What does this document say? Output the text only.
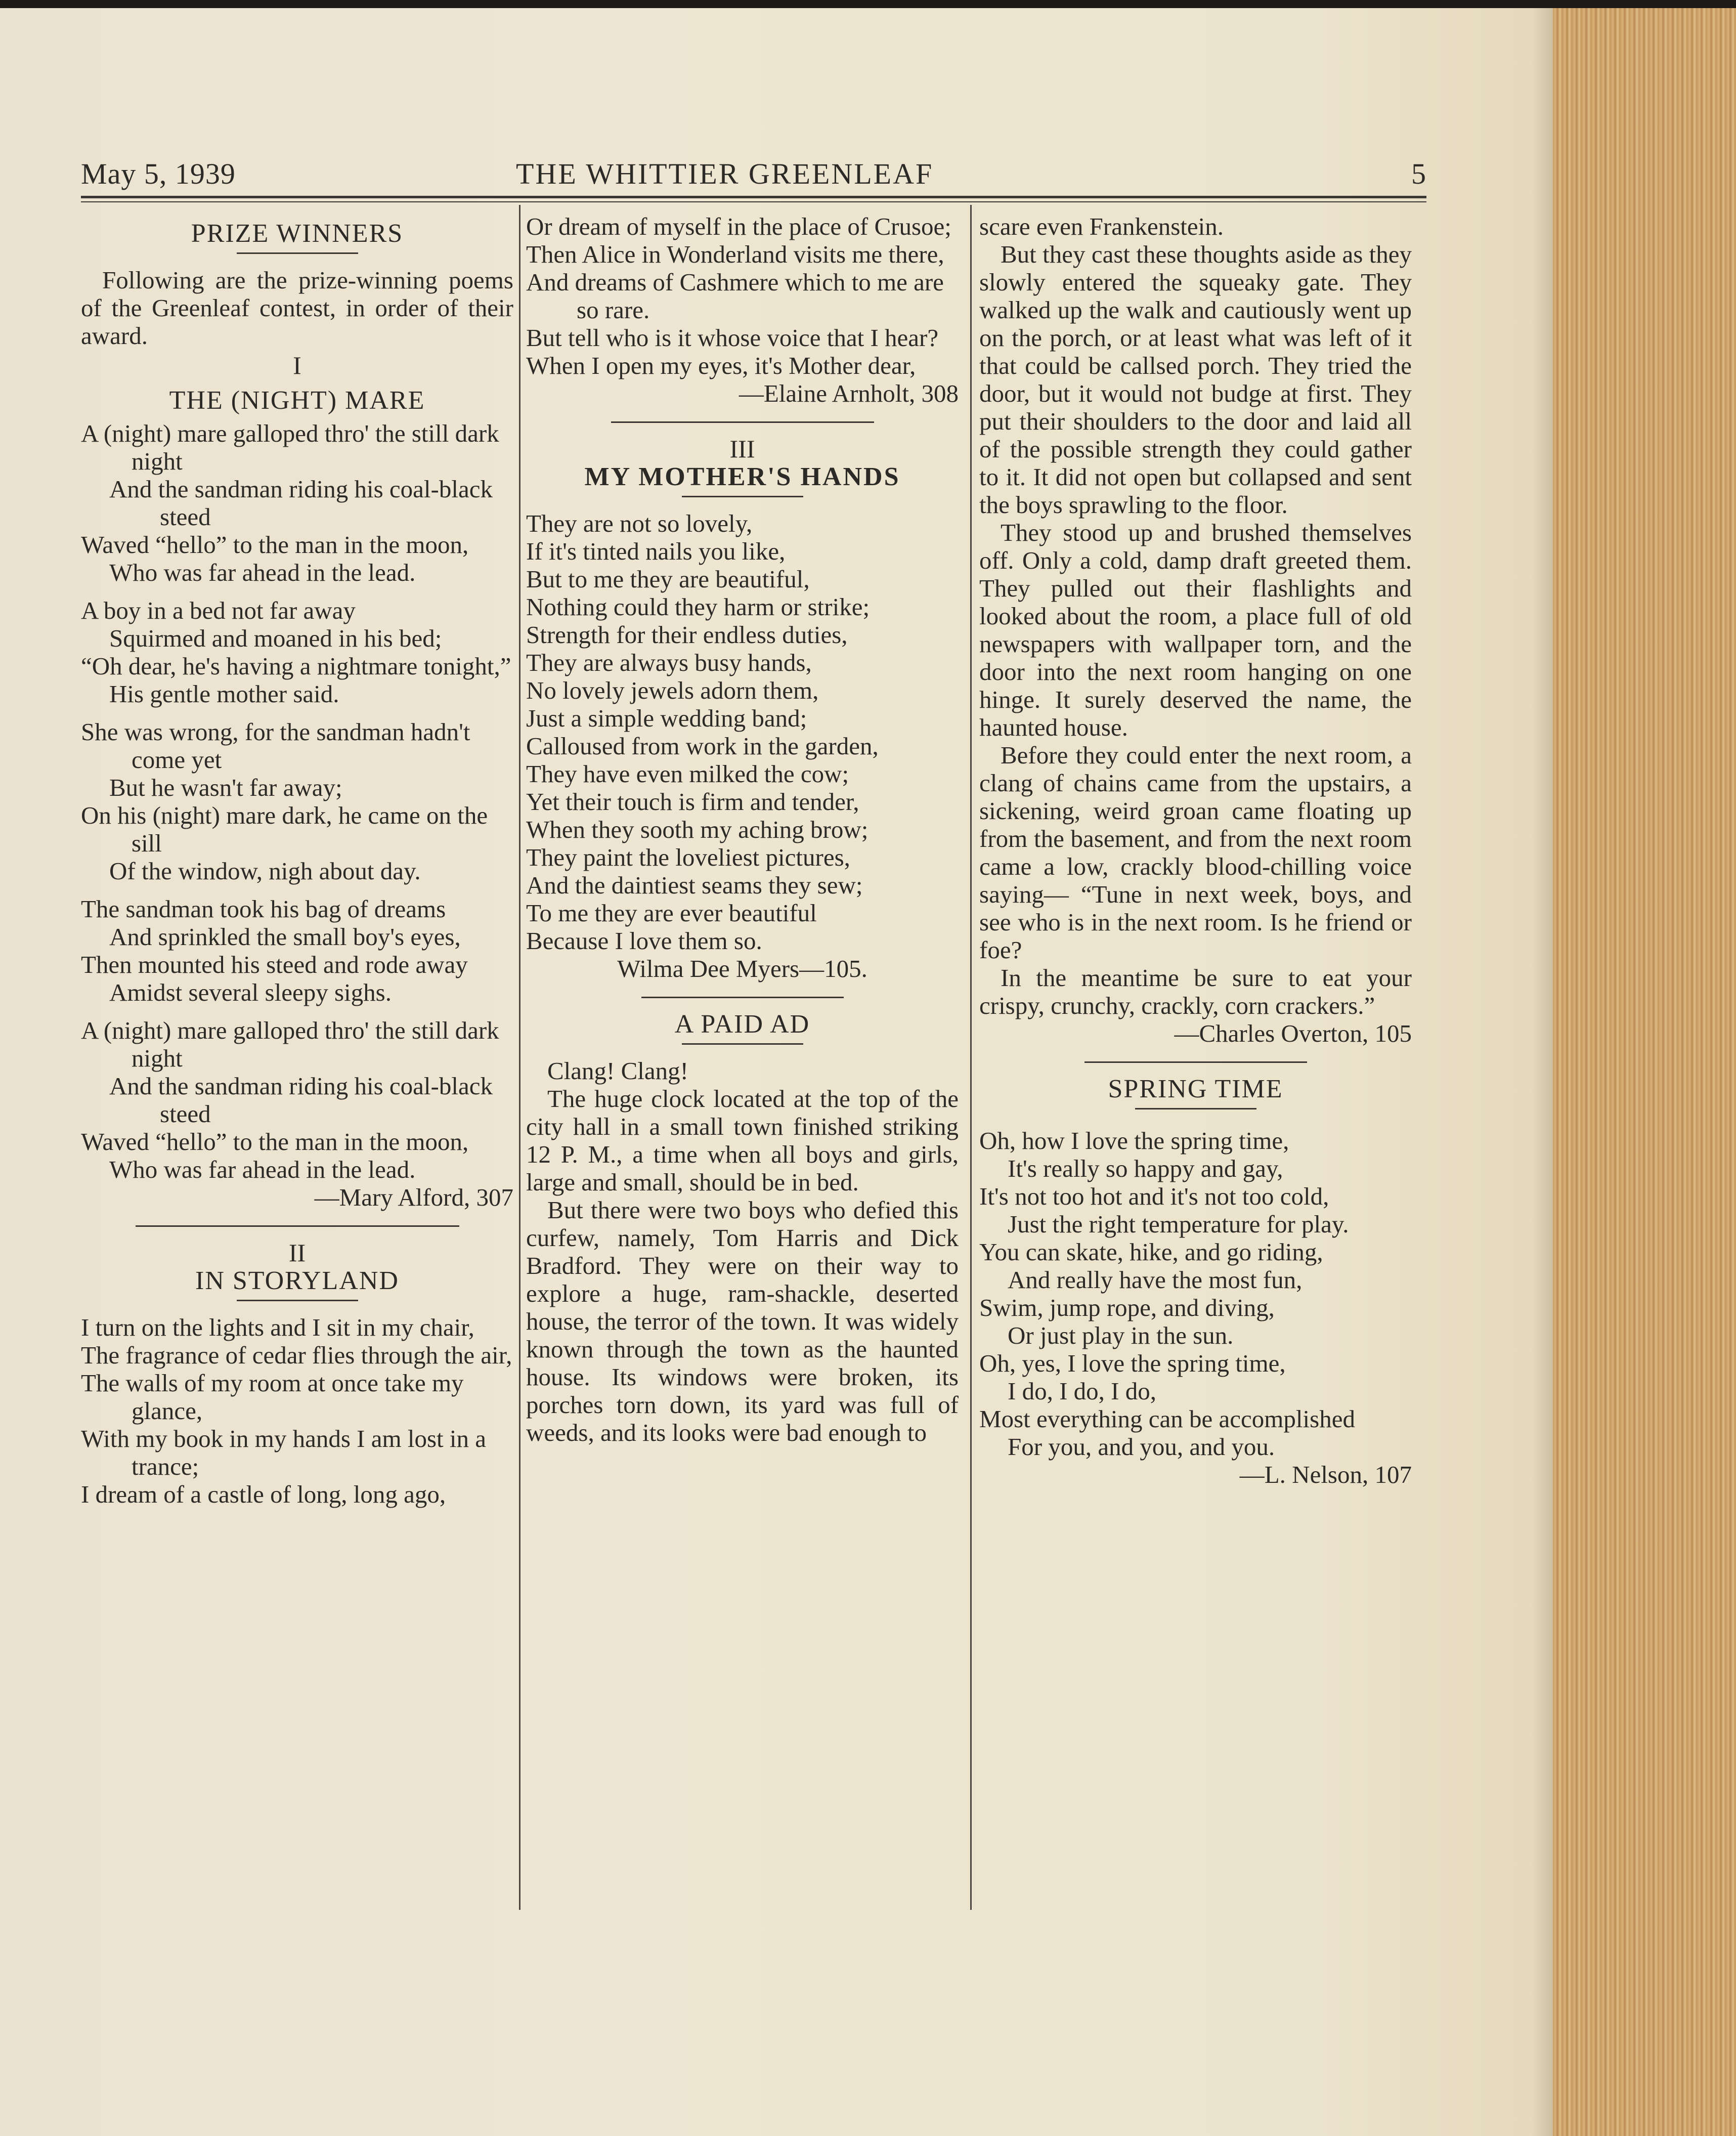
May 5, 1939	THE WHITTIER GREENLEAF	5
PRIZE WINNERS

Following are the prize-winning poems of the Greenleaf contest, in order of their award.

I
THE (NIGHT) MARE
A (night) mare galloped thro' the still dark night
And the sandman riding his coal-black steed
Waved “hello” to the man in the moon,
Who was far ahead in the lead.
A boy in a bed not far away
Squirmed and moaned in his bed;
“Oh dear, he's having a nightmare tonight,”
His gentle mother said.
She was wrong, for the sandman hadn't come yet
But he wasn't far away;
On his (night) mare dark, he came on the sill
Of the window, nigh about day.
The sandman took his bag of dreams
And sprinkled the small boy's eyes,
Then mounted his steed and rode away
Amidst several sleepy sighs.
A (night) mare galloped thro' the still dark night
And the sandman riding his coal-black steed
Waved “hello” to the man in the moon,
Who was far ahead in the lead.
—Mary Alford, 307
II
IN STORYLAND
I turn on the lights and I sit in my chair,
The fragrance of cedar flies through the air,
The walls of my room at once take my glance,
With my book in my hands I am lost in a trance;
I dream of a castle of long, long ago,
Or dream of myself in the place of Crusoe;
Then Alice in Wonderland visits me there,
And dreams of Cashmere which to me are so rare.
But tell who is it whose voice that I hear?
When I open my eyes, it's Mother dear,
—Elaine Arnholt, 308
III
MY MOTHER'S HANDS
They are not so lovely,
If it's tinted nails you like,
But to me they are beautiful,
Nothing could they harm or strike;
Strength for their endless duties,
They are always busy hands,
No lovely jewels adorn them,
Just a simple wedding band;
Calloused from work in the garden,
They have even milked the cow;
Yet their touch is firm and tender,
When they sooth my aching brow;
They paint the loveliest pictures,
And the daintiest seams they sew;
To me they are ever beautiful
Because I love them so.
Wilma Dee Myers—105.
A PAID AD

Clang! Clang!

The huge clock located at the top of the city hall in a small town finished striking 12 P. M., a time when all boys and girls, large and small, should be in bed.

But there were two boys who defied this curfew, namely, Tom Harris and Dick Bradford. They were on their way to explore a huge, ram-shackle, deserted house, the terror of the town. It was widely known through the town as the haunted house. Its windows were broken, its porches torn down, its yard was full of weeds, and its looks were bad enough to

scare even Frankenstein.

But they cast these thoughts aside as they slowly entered the squeaky gate. They walked up the walk and cautiously went up on the porch, or at least what was left of it that could be callsed porch. They tried the door, but it would not budge at first. They put their shoulders to the door and laid all of the possible strength they could gather to it. It did not open but collapsed and sent the boys sprawling to the floor.

They stood up and brushed themselves off. Only a cold, damp draft greeted them. They pulled out their flashlights and looked about the room, a place full of old newspapers with wallpaper torn, and the door into the next room hanging on one hinge. It surely deserved the name, the haunted house.

Before they could enter the next room, a clang of chains came from the upstairs, a sickening, weird groan came floating up from the basement, and from the next room came a low, crackly blood-chilling voice saying— “Tune in next week, boys, and see who is in the next room. Is he friend or foe?

In the meantime be sure to eat your crispy, crunchy, crackly, corn crackers.”

—Charles Overton, 105
SPRING TIME
Oh, how I love the spring time,
It's really so happy and gay,
It's not too hot and it's not too cold,
Just the right temperature for play.
You can skate, hike, and go riding,
And really have the most fun,
Swim, jump rope, and diving,
Or just play in the sun.
Oh, yes, I love the spring time,
I do, I do, I do,
Most everything can be accomplished
For you, and you, and you.
—L. Nelson, 107
